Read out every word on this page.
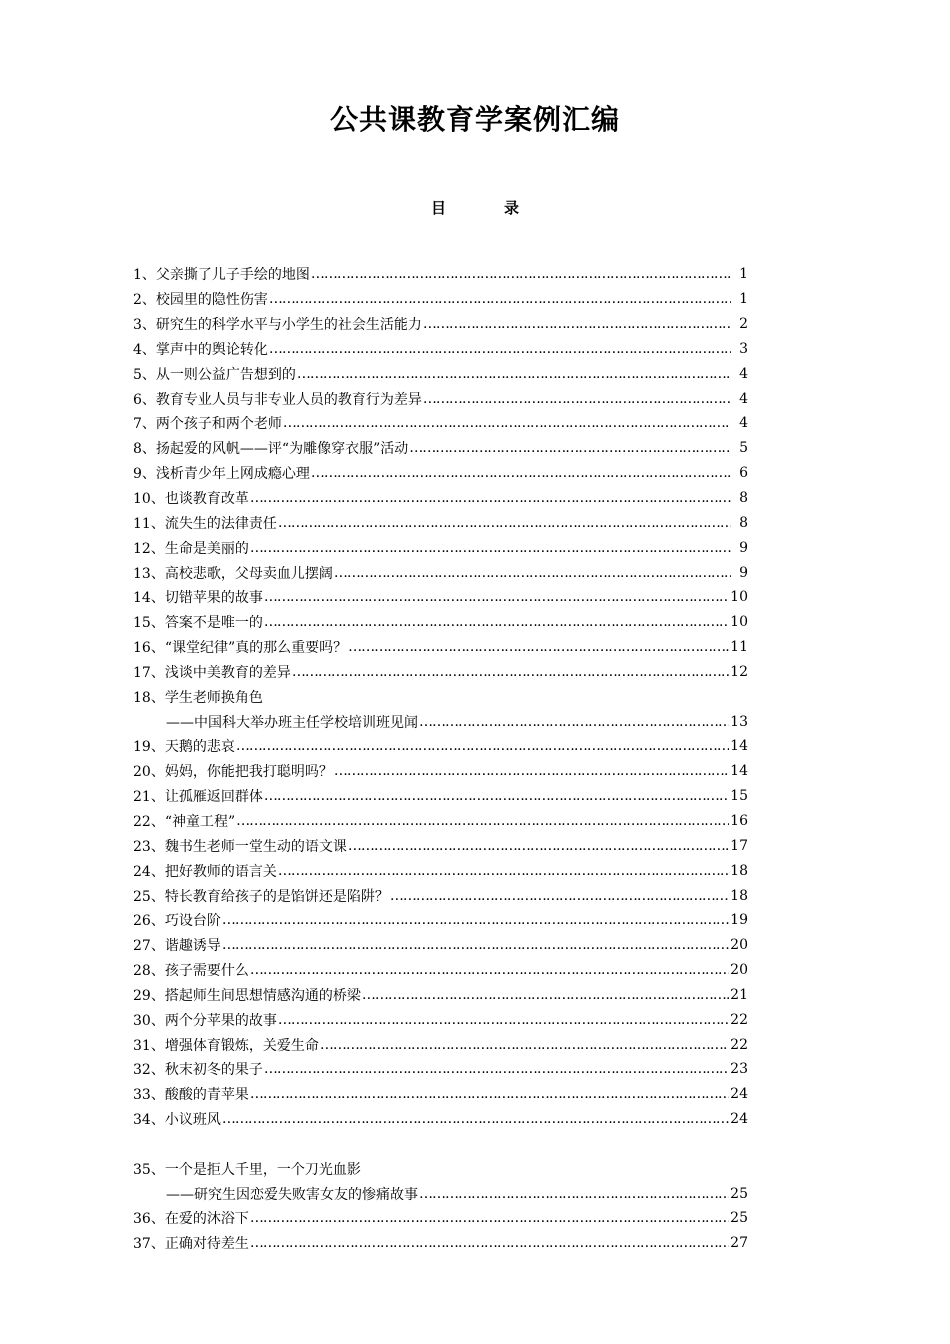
公共课教育学案例汇编
目	录
1、父亲撕了儿子手绘的地图 ……………………………………………………………………………………………………………………………………………………………………………………	1
2、校园里的隐性伤害 ……………………………………………………………………………………………………………………………………………………………………………………	1
3、研究生的科学水平与小学生的社会生活能力 ……………………………………………………………………………………………………………………………………………………………………………………	2
4、掌声中的舆论转化 ……………………………………………………………………………………………………………………………………………………………………………………	3
5、从一则公益广告想到的 ……………………………………………………………………………………………………………………………………………………………………………………	4
6、教育专业人员与非专业人员的教育行为差异 ……………………………………………………………………………………………………………………………………………………………………………………	4
7、两个孩子和两个老师 ……………………………………………………………………………………………………………………………………………………………………………………	4
8、扬起爱的风帆——评“为雕像穿衣服”活动 ……………………………………………………………………………………………………………………………………………………………………………………	5
9、浅析青少年上网成瘾心理 ……………………………………………………………………………………………………………………………………………………………………………………	6
10、也谈教育改革 ……………………………………………………………………………………………………………………………………………………………………………………	8
11、流失生的法律责任 ……………………………………………………………………………………………………………………………………………………………………………………	8
12、生命是美丽的 ……………………………………………………………………………………………………………………………………………………………………………………	9
13、高校悲歌，父母卖血儿摆阔 ……………………………………………………………………………………………………………………………………………………………………………………	9
14、切错苹果的故事 ……………………………………………………………………………………………………………………………………………………………………………………	10
15、答案不是唯一的 ……………………………………………………………………………………………………………………………………………………………………………………	10
16、“课堂纪律”真的那么重要吗？ ……………………………………………………………………………………………………………………………………………………………………………………	11
17、浅谈中美教育的差异 ……………………………………………………………………………………………………………………………………………………………………………………	12
18、学生老师换角色
——中国科大举办班主任学校培训班见闻 ……………………………………………………………………………………………………………………………………………………………………………………	13
19、天鹅的悲哀 ……………………………………………………………………………………………………………………………………………………………………………………	14
20、妈妈，你能把我打聪明吗？ ……………………………………………………………………………………………………………………………………………………………………………………	14
21、让孤雁返回群体 ……………………………………………………………………………………………………………………………………………………………………………………	15
22、“神童工程” ……………………………………………………………………………………………………………………………………………………………………………………	16
23、魏书生老师一堂生动的语文课 ……………………………………………………………………………………………………………………………………………………………………………………	17
24、把好教师的语言关 ……………………………………………………………………………………………………………………………………………………………………………………	18
25、特长教育给孩子的是馅饼还是陷阱？ ……………………………………………………………………………………………………………………………………………………………………………………	18
26、巧设台阶 ……………………………………………………………………………………………………………………………………………………………………………………	19
27、谐趣诱导 ……………………………………………………………………………………………………………………………………………………………………………………	20
28、孩子需要什么 ……………………………………………………………………………………………………………………………………………………………………………………	20
29、搭起师生间思想情感沟通的桥梁 ……………………………………………………………………………………………………………………………………………………………………………………	21
30、两个分苹果的故事 ……………………………………………………………………………………………………………………………………………………………………………………	22
31、增强体育锻炼，关爱生命 ……………………………………………………………………………………………………………………………………………………………………………………	22
32、秋末初冬的果子 ……………………………………………………………………………………………………………………………………………………………………………………	23
33、酸酸的青苹果 ……………………………………………………………………………………………………………………………………………………………………………………	24
34、小议班风 ……………………………………………………………………………………………………………………………………………………………………………………	24
35、一个是拒人千里，一个刀光血影
——研究生因恋爱失败害女友的惨痛故事 ……………………………………………………………………………………………………………………………………………………………………………………	25
36、在爱的沐浴下 ……………………………………………………………………………………………………………………………………………………………………………………	25
37、正确对待差生 ……………………………………………………………………………………………………………………………………………………………………………………	27
